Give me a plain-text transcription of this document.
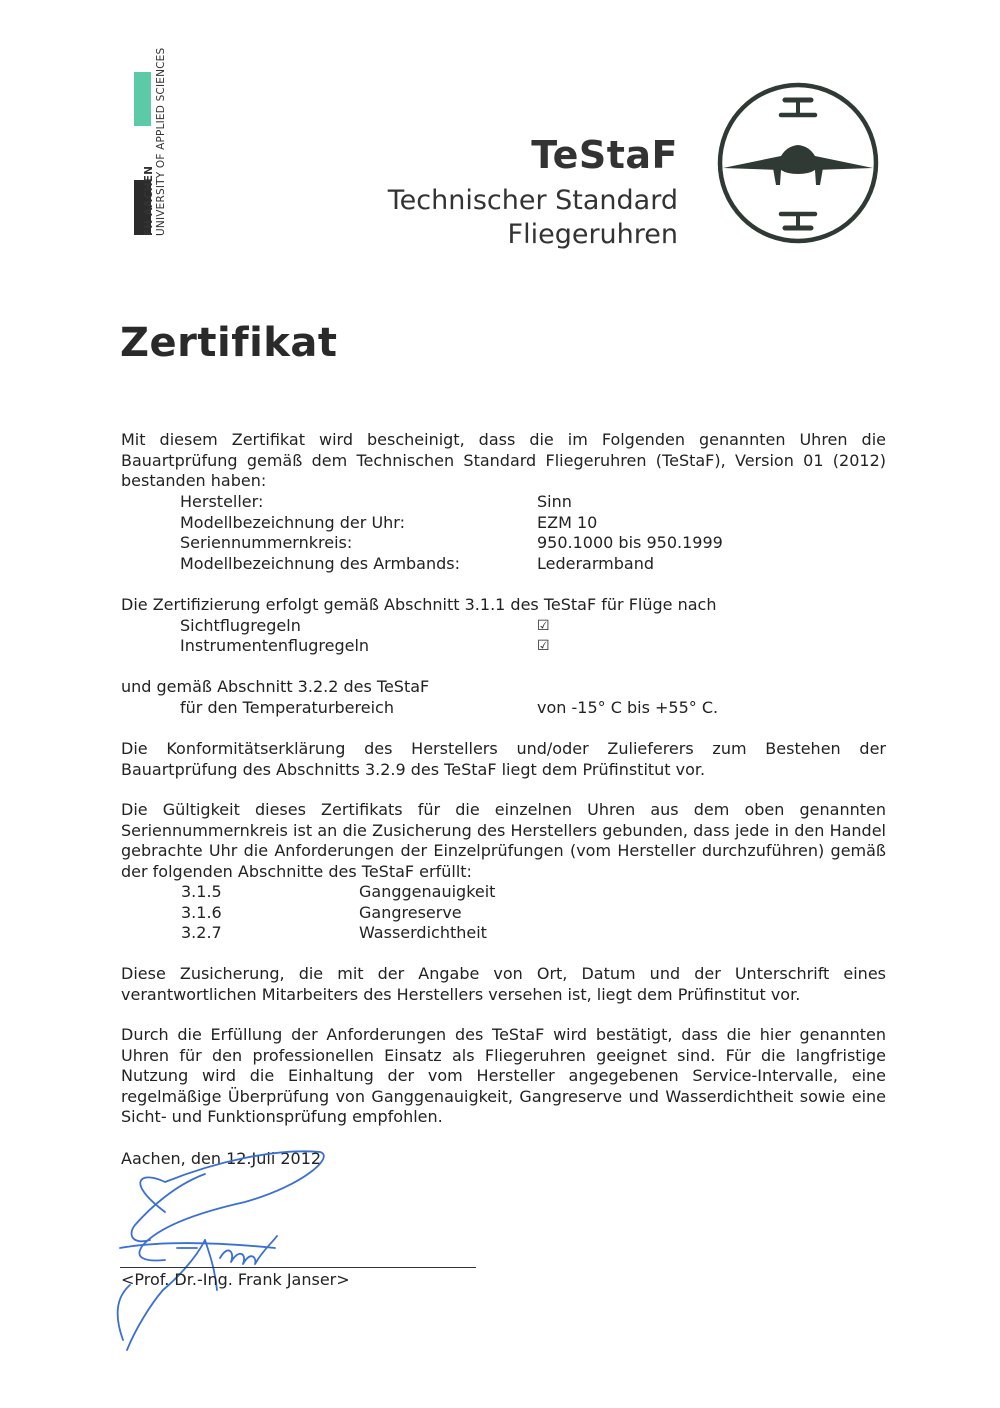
FH AACHEN UNIVERSITY OF APPLIED SCIENCES	TeStaF
Technischer Standard
Fliegeruhren
Zertifikat
Mit diesem Zertifikat wird bescheinigt, dass die im Folgenden genannten Uhren die Bauartprüfung gemäß dem Technischen Standard Fliegeruhren (TeStaF), Version 01 (2012) bestanden haben:
Hersteller:	Sinn
Modellbezeichnung der Uhr:	EZM 10
Seriennummernkreis:	950.1000 bis 950.1999
Modellbezeichnung des Armbands:	Lederarmband
Die Zertifizierung erfolgt gemäß Abschnitt 3.1.1 des TeStaF für Flüge nach
Sichtflugregeln	☑
Instrumentenflugregeln	☑
und gemäß Abschnitt 3.2.2 des TeStaF
für den Temperaturbereich	von -15° C bis +55° C.
Die Konformitätserklärung des Herstellers und/oder Zulieferers zum Bestehen der Bauartprüfung des Abschnitts 3.2.9 des TeStaF liegt dem Prüfinstitut vor.
Die Gültigkeit dieses Zertifikats für die einzelnen Uhren aus dem oben genannten Seriennummernkreis ist an die Zusicherung des Herstellers gebunden, dass jede in den Handel gebrachte Uhr die Anforderungen der Einzelprüfungen (vom Hersteller durchzuführen) gemäß der folgenden Abschnitte des TeStaF erfüllt:
3.1.5	Ganggenauigkeit
3.1.6	Gangreserve
3.2.7	Wasserdichtheit
Diese Zusicherung, die mit der Angabe von Ort, Datum und der Unterschrift eines verantwortlichen Mitarbeiters des Herstellers versehen ist, liegt dem Prüfinstitut vor.
Durch die Erfüllung der Anforderungen des TeStaF wird bestätigt, dass die hier genannten Uhren für den professionellen Einsatz als Fliegeruhren geeignet sind. Für die langfristige Nutzung wird die Einhaltung der vom Hersteller angegebenen Service-Intervalle, eine regelmäßige Überprüfung von Ganggenauigkeit, Gangreserve und Wasserdichtheit sowie eine Sicht- und Funktionsprüfung empfohlen.
Aachen, den 12.Juli 2012
<Prof. Dr.-Ing. Frank Janser>
